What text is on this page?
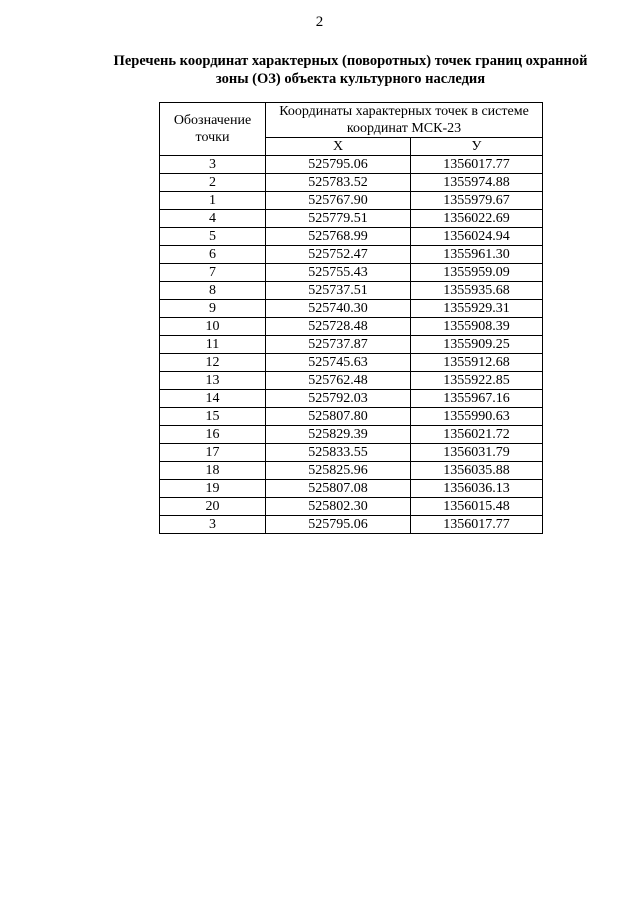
2
Перечень координат характерных (поворотных) точек границ охранной
зоны (ОЗ) объекта культурного наследия
Обозначение
точки	Координаты характерных точек в системе
координат МСК-23	

	X	У
3	525795.06	1356017.77
2	525783.52	1355974.88
1	525767.90	1355979.67
4	525779.51	1356022.69
5	525768.99	1356024.94
6	525752.47	1355961.30
7	525755.43	1355959.09
8	525737.51	1355935.68
9	525740.30	1355929.31
10	525728.48	1355908.39
11	525737.87	1355909.25
12	525745.63	1355912.68
13	525762.48	1355922.85
14	525792.03	1355967.16
15	525807.80	1355990.63
16	525829.39	1356021.72
17	525833.55	1356031.79
18	525825.96	1356035.88
19	525807.08	1356036.13
20	525802.30	1356015.48
3	525795.06	1356017.77
